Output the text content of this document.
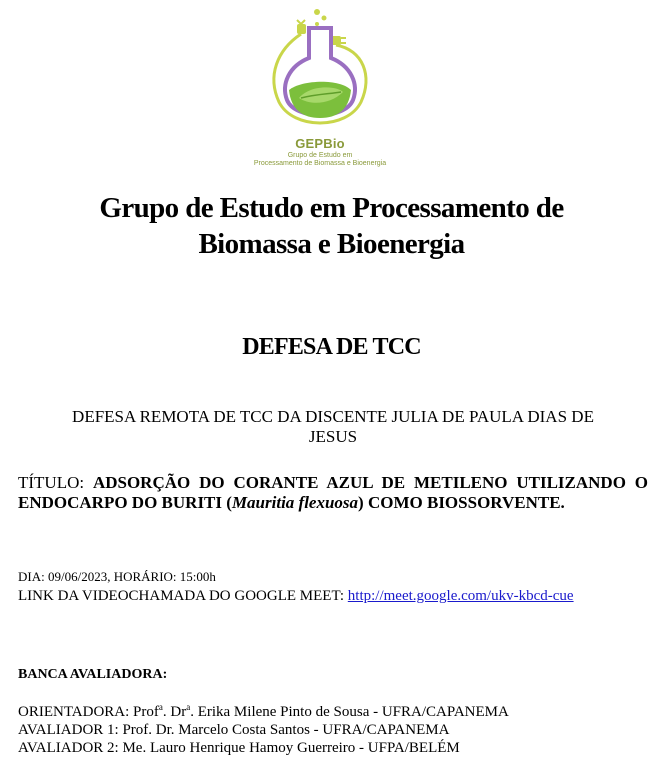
GEPBio
Grupo de Estudo em
Processamento de Biomassa e Bioenergia
Grupo de Estudo em Processamento de
Biomassa e Bioenergia
DEFESA DE TCC
DEFESA REMOTA DE TCC DA DISCENTE JULIA DE PAULA DIAS DE
JESUS
TÍTULO: ADSORÇÃO DO CORANTE AZUL DE METILENO UTILIZANDO O ENDOCARPO DO BURITI (Mauritia flexuosa) COMO BIOSSORVENTE.
DIA: 09/06/2023, HORÁRIO: 15:00h
LINK DA VIDEOCHAMADA DO GOOGLE MEET: http://meet.google.com/ukv-kbcd-cue
BANCA AVALIADORA:
ORIENTADORA: Prof$^a$. Dr$^a$. Erika Milene Pinto de Sousa - UFRA/CAPANEMA
AVALIADOR 1: Prof. Dr. Marcelo Costa Santos - UFRA/CAPANEMA
AVALIADOR 2: Me. Lauro Henrique Hamoy Guerreiro - UFPA/BELÉM
